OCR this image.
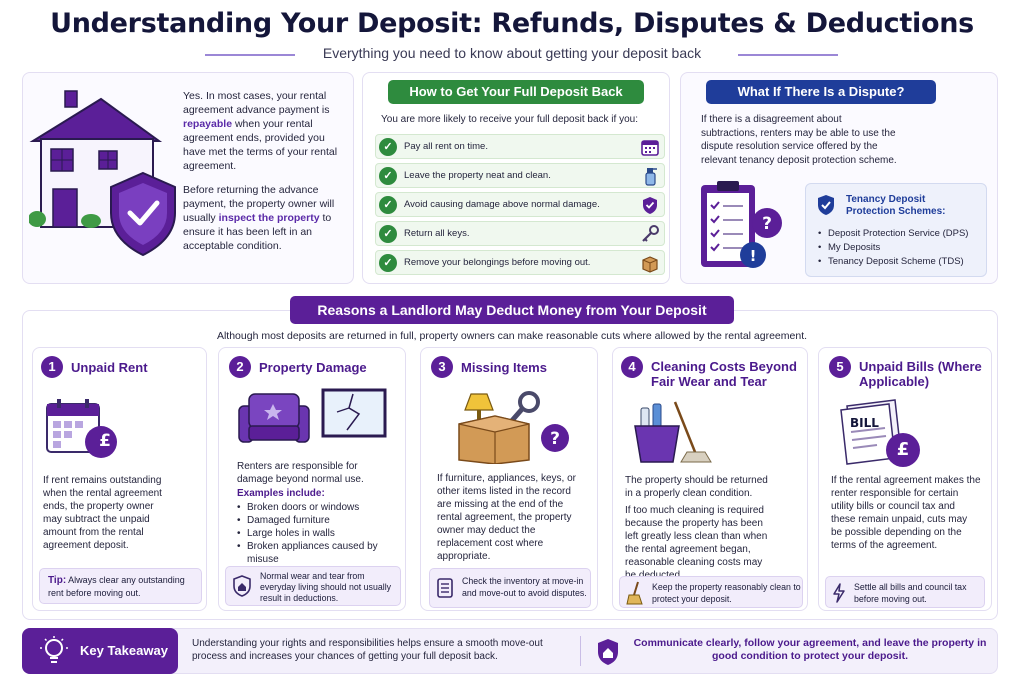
Understanding Your Deposit: Refunds, Disputes & Deductions
Everything you need to know about getting your deposit back
Yes. In most cases, your rental agreement advance payment is repayable when your rental agreement ends, provided you have met the terms of your rental agreement.
Before returning the advance payment, the property owner will usually inspect the property to ensure it has been left in an acceptable condition.
How to Get Your Full Deposit Back
You are more likely to receive your full deposit back if you:
✓	Pay all rent on time.
✓	Leave the property neat and clean.
✓	Avoid causing damage above normal damage.
✓	Return all keys.
✓	Remove your belongings before moving out.
What If There Is a Dispute?
If there is a disagreement about subtractions, renters may be able to use the dispute resolution service offered by the relevant tenancy deposit protection scheme.
?
!
Tenancy Deposit Protection Schemes:
• Deposit Protection Service (DPS)
• My Deposits
• Tenancy Deposit Scheme (TDS)
Reasons a Landlord May Deduct Money from Your Deposit
Although most deposits are returned in full, property owners can make reasonable cuts where allowed by the rental agreement.
1	Unpaid Rent
£
If rent remains outstanding when the rental agreement ends, the property owner may subtract the unpaid amount from the rental agreement deposit.
Tip: Always clear any outstanding rent before moving out.
2	Property Damage
Renters are responsible for damage beyond normal use.
Examples include:
• Broken doors or windows
• Damaged furniture
• Large holes in walls
• Broken appliances caused by misuse
Normal wear and tear from everyday living should not usually result in deductions.
3	Missing Items
?
If furniture, appliances, keys, or other items listed in the record are missing at the end of the rental agreement, the property owner may deduct the replacement cost where appropriate.
Check the inventory at move-in and move-out to avoid disputes.
4	Cleaning Costs Beyond Fair Wear and Tear
The property should be returned in a properly clean condition.
If too much cleaning is required because the property has been left greatly less clean than when the rental agreement began, reasonable cleaning costs may
Keep the property reasonably clean to protect your deposit.
5	Unpaid Bills (Where Applicable)
BILL
£
If the rental agreement makes the renter responsible for certain utility bills or council tax and these remain unpaid, cuts may be possible depending on the terms of the agreement.
Settle all bills and council tax before moving out.
Key Takeaway Understanding your rights and responsibilities helps ensure a smooth move-out process and increases your chances of getting your full deposit back.
Communicate clearly, follow your agreement, and leave the property in good condition to protect your deposit.
